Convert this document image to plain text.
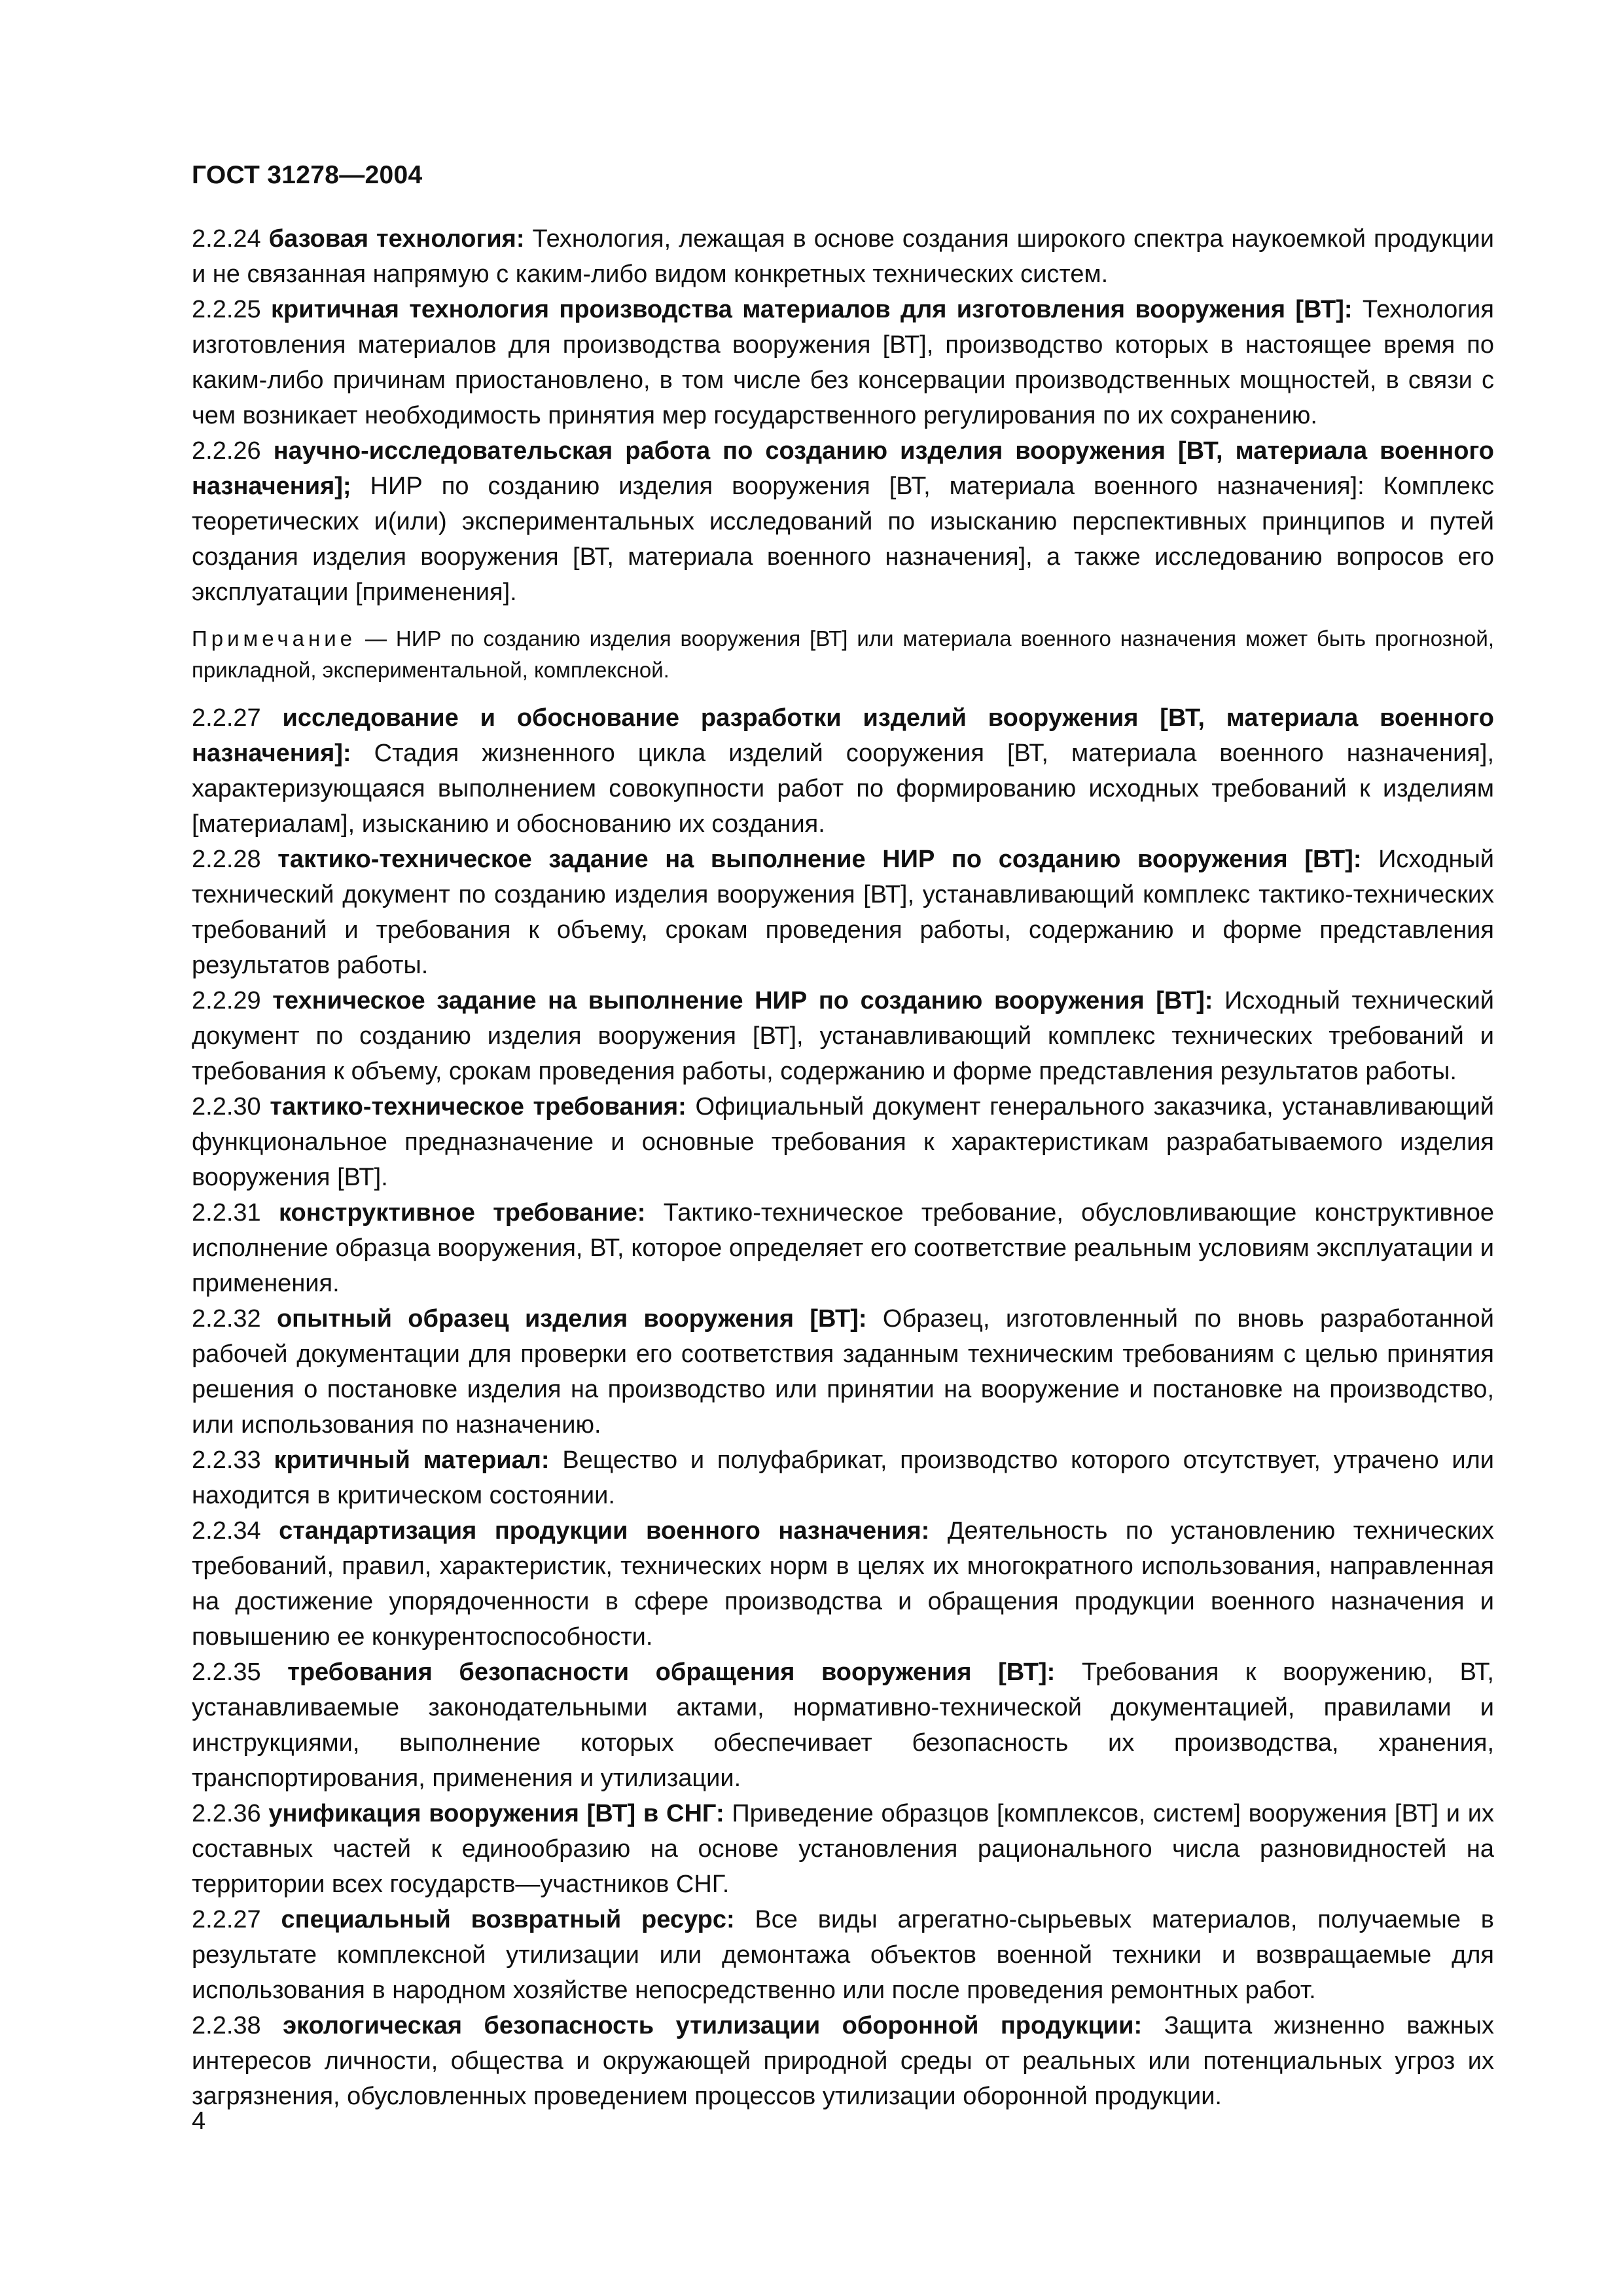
ГОСТ 31278—2004

2.2.24 базовая технология: Технология, лежащая в основе создания широкого спектра наукоемкой продукции и не связанная напрямую с каким-либо видом конкретных технических систем.

2.2.25 критичная технология производства материалов для изготовления вооружения [ВТ]: Технология изготовления материалов для производства вооружения [ВТ], производство которых в настоящее время по каким-либо причинам приостановлено, в том числе без консервации производственных мощностей, в связи с чем возникает необходимость принятия мер государственного регулирования по их сохранению.

2.2.26 научно-исследовательская работа по созданию изделия вооружения [ВТ, материала военного назначения]; НИР по созданию изделия вооружения [ВТ, материала военного назначения]: Комплекс теоретических и(или) экспериментальных исследований по изысканию перспективных принципов и путей создания изделия вооружения [ВТ, материала военного назначения], а также исследованию вопросов его эксплуатации [применения].

Примечание — НИР по созданию изделия вооружения [ВТ] или материала военного назначения может быть прогнозной, прикладной, экспериментальной, комплексной.

2.2.27 исследование и обоснование разработки изделий вооружения [ВТ, материала военного назначения]: Стадия жизненного цикла изделий сооружения [ВТ, материала военного назначения], характеризующаяся выполнением совокупности работ по формированию исходных требований к изделиям [материалам], изысканию и обоснованию их создания.

2.2.28 тактико-техническое задание на выполнение НИР по созданию вооружения [ВТ]: Исходный технический документ по созданию изделия вооружения [ВТ], устанавливающий комплекс тактико-технических требований и требования к объему, срокам проведения работы, содержанию и форме представления результатов работы.

2.2.29 техническое задание на выполнение НИР по созданию вооружения [ВТ]: Исходный технический документ по созданию изделия вооружения [ВТ], устанавливающий комплекс технических требований и требования к объему, срокам проведения работы, содержанию и форме представления результатов работы.

2.2.30 тактико-техническое требования: Официальный документ генерального заказчика, устанавливающий функциональное предназначение и основные требования к характеристикам разрабатываемого изделия вооружения [ВТ].

2.2.31 конструктивное требование: Тактико-техническое требование, обусловливающие конструктивное исполнение образца вооружения, ВТ, которое определяет его соответствие реальным условиям эксплуатации и применения.

2.2.32 опытный образец изделия вооружения [ВТ]: Образец, изготовленный по вновь разработанной рабочей документации для проверки его соответствия заданным техническим требованиям с целью принятия решения о постановке изделия на производство или принятии на вооружение и постановке на производство, или использования по назначению.

2.2.33 критичный материал: Вещество и полуфабрикат, производство которого отсутствует, утрачено или находится в критическом состоянии.

2.2.34 стандартизация продукции военного назначения: Деятельность по установлению технических требований, правил, характеристик, технических норм в целях их многократного использования, направленная на достижение упорядоченности в сфере производства и обращения продукции военного назначения и повышению ее конкурентоспособности.

2.2.35 требования безопасности обращения вооружения [ВТ]: Требования к вооружению, ВТ, устанавливаемые законодательными актами, нормативно-технической документацией, правилами и инструкциями, выполнение которых обеспечивает безопасность их производства, хранения, транспортирования, применения и утилизации.

2.2.36 унификация вооружения [ВТ] в СНГ: Приведение образцов [комплексов, систем] вооружения [ВТ] и их составных частей к единообразию на основе установления рационального числа разновидностей на территории всех государств—участников СНГ.

2.2.27 специальный возвратный ресурс: Все виды агрегатно-сырьевых материалов, получаемые в результате комплексной утилизации или демонтажа объектов военной техники и возвращаемые для использования в народном хозяйстве непосредственно или после проведения ремонтных работ.

2.2.38 экологическая безопасность утилизации оборонной продукции: Защита жизненно важных интересов личности, общества и окружающей природной среды от реальных или потенциальных угроз их загрязнения, обусловленных проведением процессов утилизации оборонной продукции.

4
